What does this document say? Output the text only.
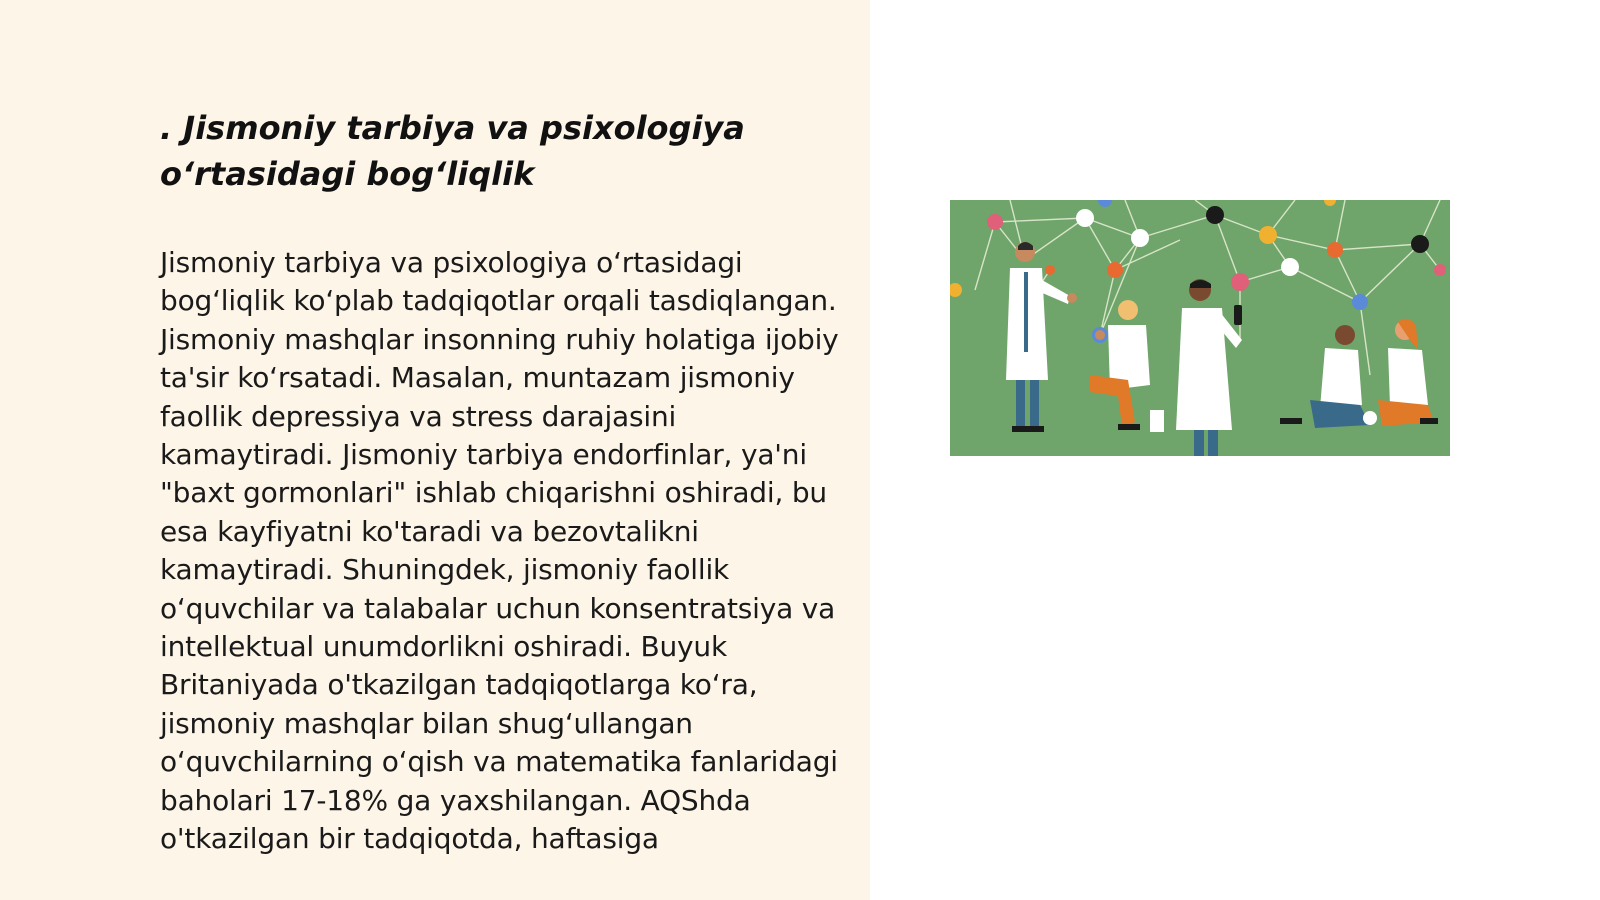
. Jismoniy tarbiya va psixologiya o‘rtasidagi bog‘liqlik

Jismoniy tarbiya va psixologiya o‘rtasidagi bog‘liqlik ko‘plab tadqiqotlar orqali tasdiqlangan. Jismoniy mashqlar insonning ruhiy holatiga ijobiy ta'sir ko‘rsatadi. Masalan, muntazam jismoniy faollik depressiya va stress darajasini kamaytiradi. Jismoniy tarbiya endorfinlar, ya'ni "baxt gormonlari" ishlab chiqarishni oshiradi, bu esa kayfiyatni ko'taradi va bezovtalikni kamaytiradi. Shuningdek, jismoniy faollik o‘quvchilar va talabalar uchun konsentratsiya va intellektual unumdorlikni oshiradi. Buyuk Britaniyada o'tkazilgan tadqiqotlarga ko‘ra, jismoniy mashqlar bilan shug‘ullangan o‘quvchilarning o‘qish va matematika fanlaridagi baholari 17-18% ga yaxshilangan. AQShda o'tkazilgan bir tadqiqotda, haftasiga
